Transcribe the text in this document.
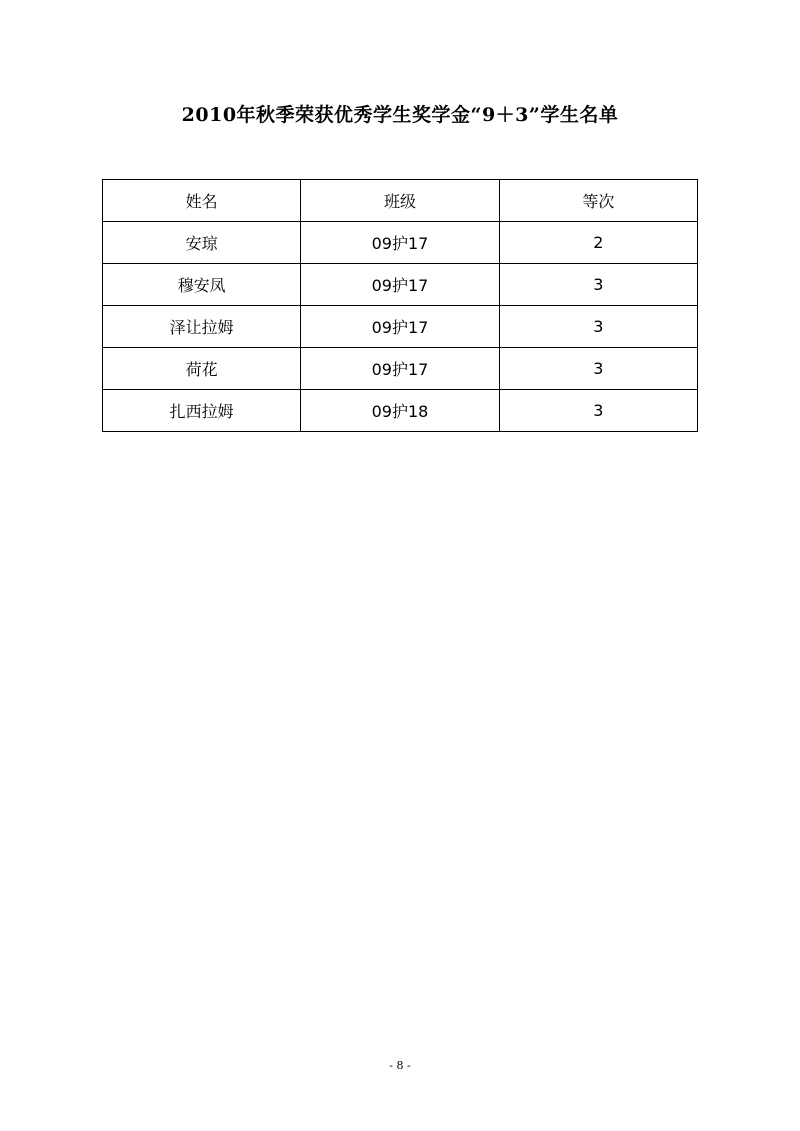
2010年秋季荣获优秀学生奖学金“9＋3”学生名单
姓名	班级	等次
安琼	09护17	2
穆安凤	09护17	3
泽让拉姆	09护17	3
荷花	09护17	3
扎西拉姆	09护18	3
- 8 -
